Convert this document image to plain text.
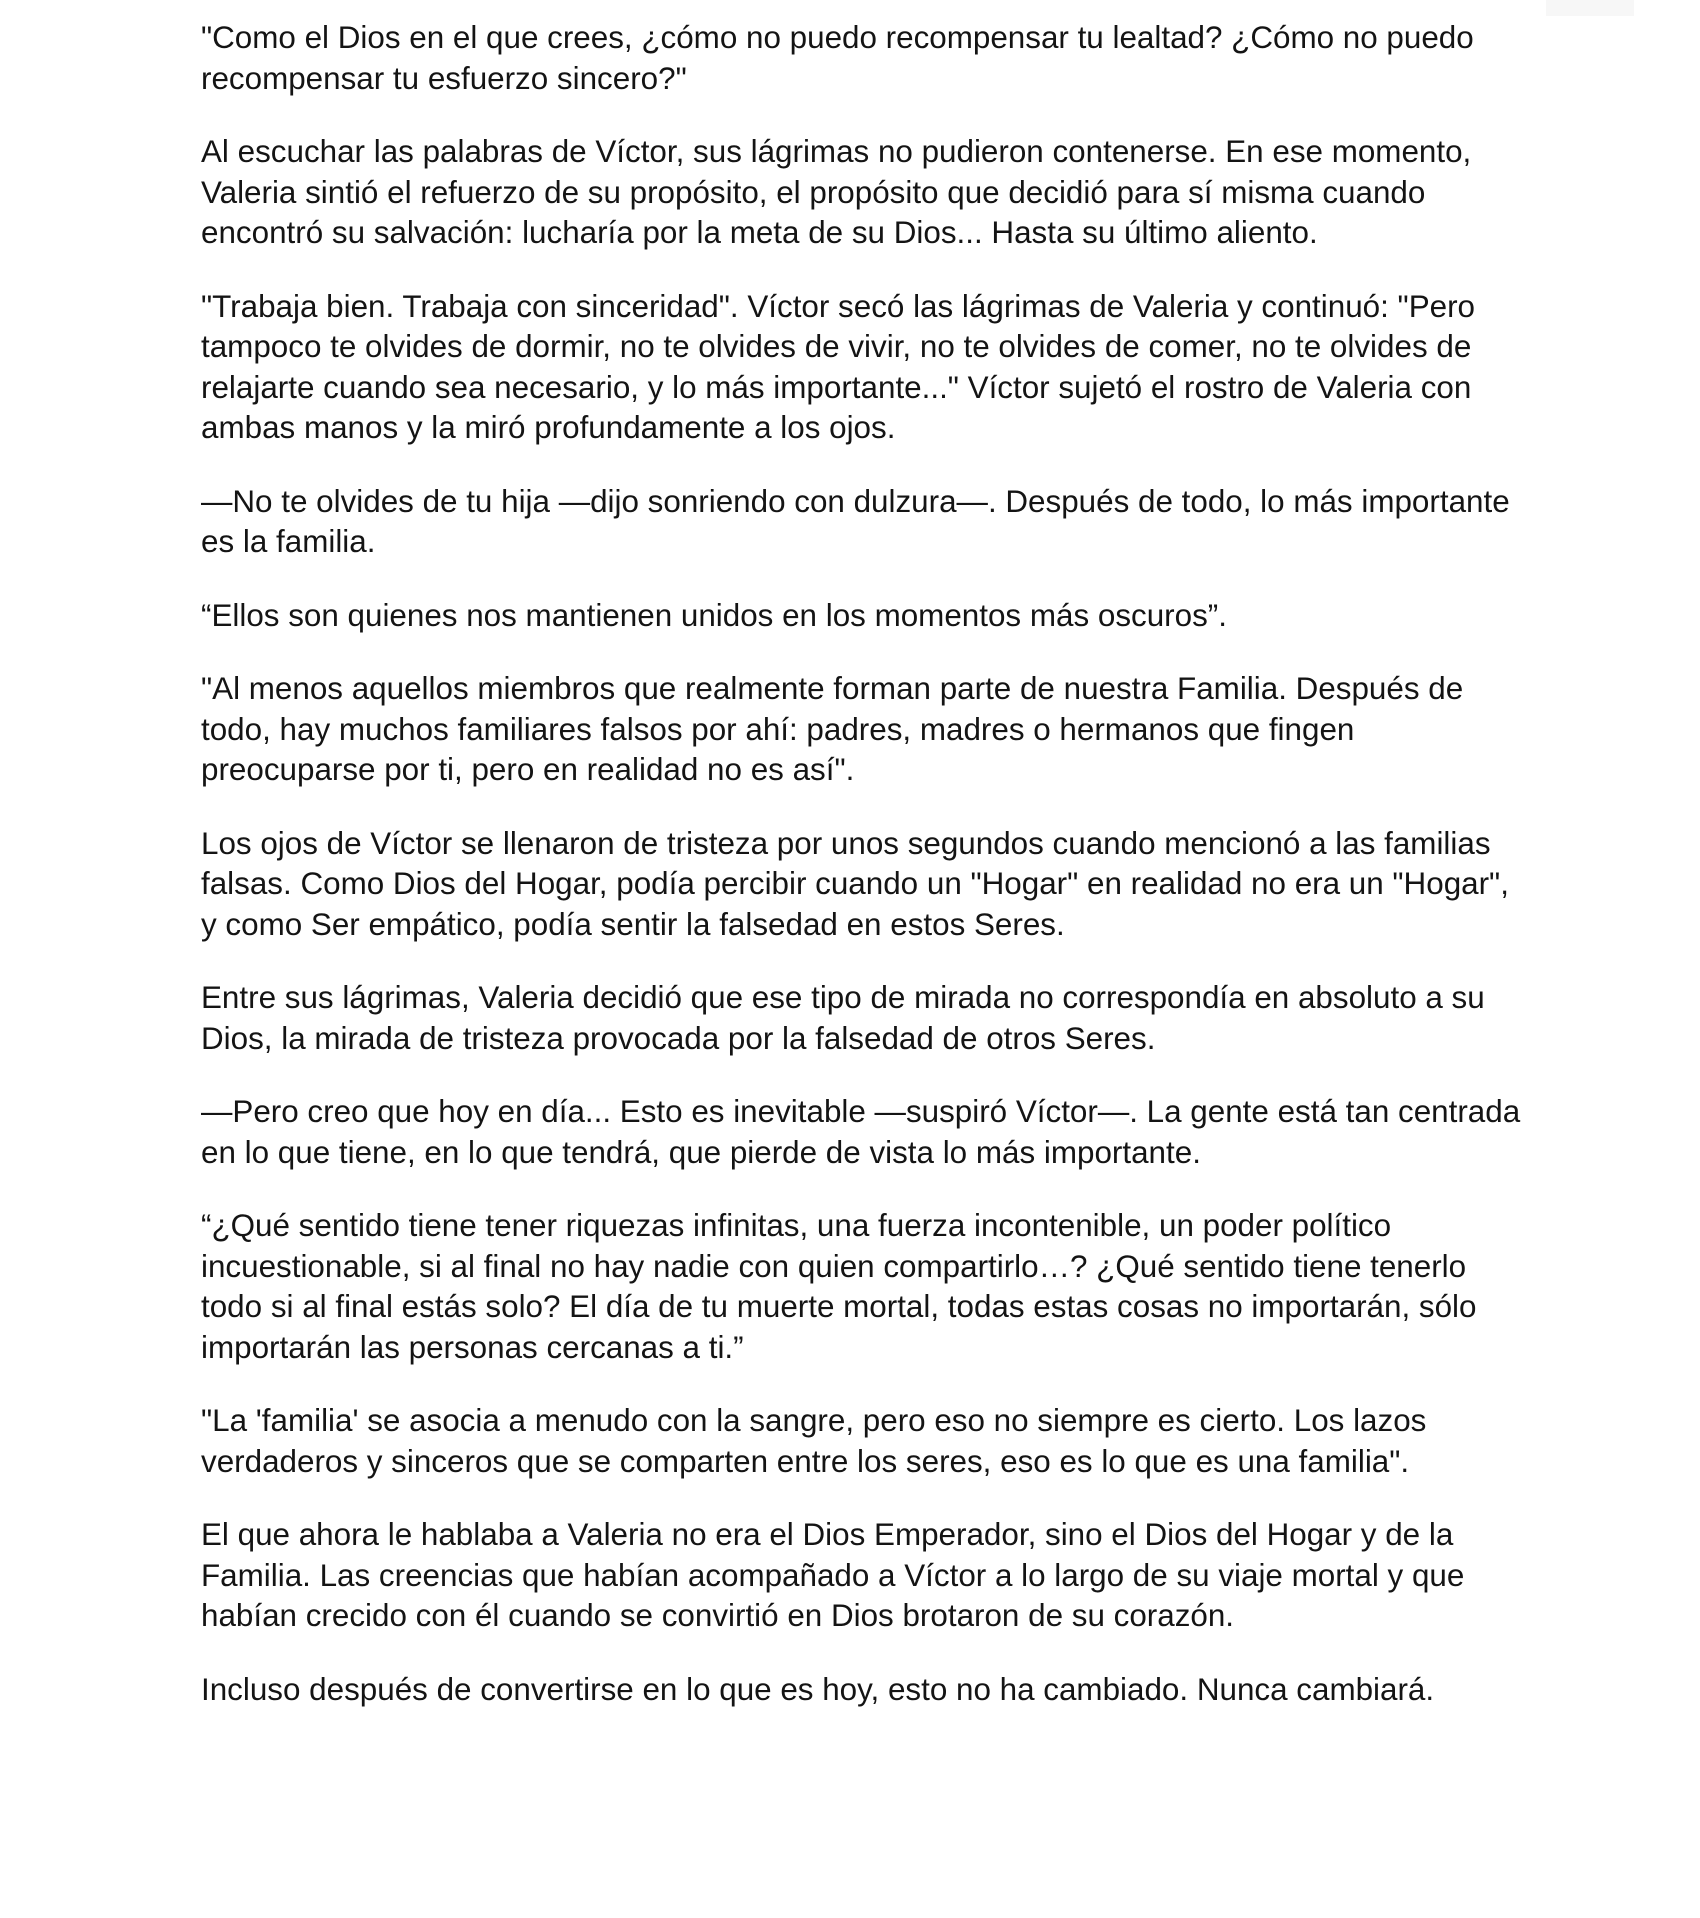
"Como el Dios en el que crees, ¿cómo no puedo recompensar tu lealtad? ¿Cómo no puedo recompensar tu esfuerzo sincero?"

Al escuchar las palabras de Víctor, sus lágrimas no pudieron contenerse. En ese momento, Valeria sintió el refuerzo de su propósito, el propósito que decidió para sí misma cuando encontró su salvación: lucharía por la meta de su Dios... Hasta su último aliento.

"Trabaja bien. Trabaja con sinceridad". Víctor secó las lágrimas de Valeria y continuó: "Pero tampoco te olvides de dormir, no te olvides de vivir, no te olvides de comer, no te olvides de relajarte cuando sea necesario, y lo más importante..." Víctor sujetó el rostro de Valeria con ambas manos y la miró profundamente a los ojos.

—No te olvides de tu hija —dijo sonriendo con dulzura—. Después de todo, lo más importante es la familia.

“Ellos son quienes nos mantienen unidos en los momentos más oscuros”.

"Al menos aquellos miembros que realmente forman parte de nuestra Familia. Después de todo, hay muchos familiares falsos por ahí: padres, madres o hermanos que fingen preocuparse por ti, pero en realidad no es así".

Los ojos de Víctor se llenaron de tristeza por unos segundos cuando mencionó a las familias falsas. Como Dios del Hogar, podía percibir cuando un "Hogar" en realidad no era un "Hogar", y como Ser empático, podía sentir la falsedad en estos Seres.

Entre sus lágrimas, Valeria decidió que ese tipo de mirada no correspondía en absoluto a su Dios, la mirada de tristeza provocada por la falsedad de otros Seres.

—Pero creo que hoy en día... Esto es inevitable —suspiró Víctor—. La gente está tan centrada en lo que tiene, en lo que tendrá, que pierde de vista lo más importante.

“¿Qué sentido tiene tener riquezas infinitas, una fuerza incontenible, un poder político incuestionable, si al final no hay nadie con quien compartirlo…? ¿Qué sentido tiene tenerlo todo si al final estás solo? El día de tu muerte mortal, todas estas cosas no importarán, sólo importarán las personas cercanas a ti.”

"La 'familia' se asocia a menudo con la sangre, pero eso no siempre es cierto. Los lazos verdaderos y sinceros que se comparten entre los seres, eso es lo que es una familia".

El que ahora le hablaba a Valeria no era el Dios Emperador, sino el Dios del Hogar y de la Familia. Las creencias que habían acompañado a Víctor a lo largo de su viaje mortal y que habían crecido con él cuando se convirtió en Dios brotaron de su corazón.

Incluso después de convertirse en lo que es hoy, esto no ha cambiado. Nunca cambiará.
